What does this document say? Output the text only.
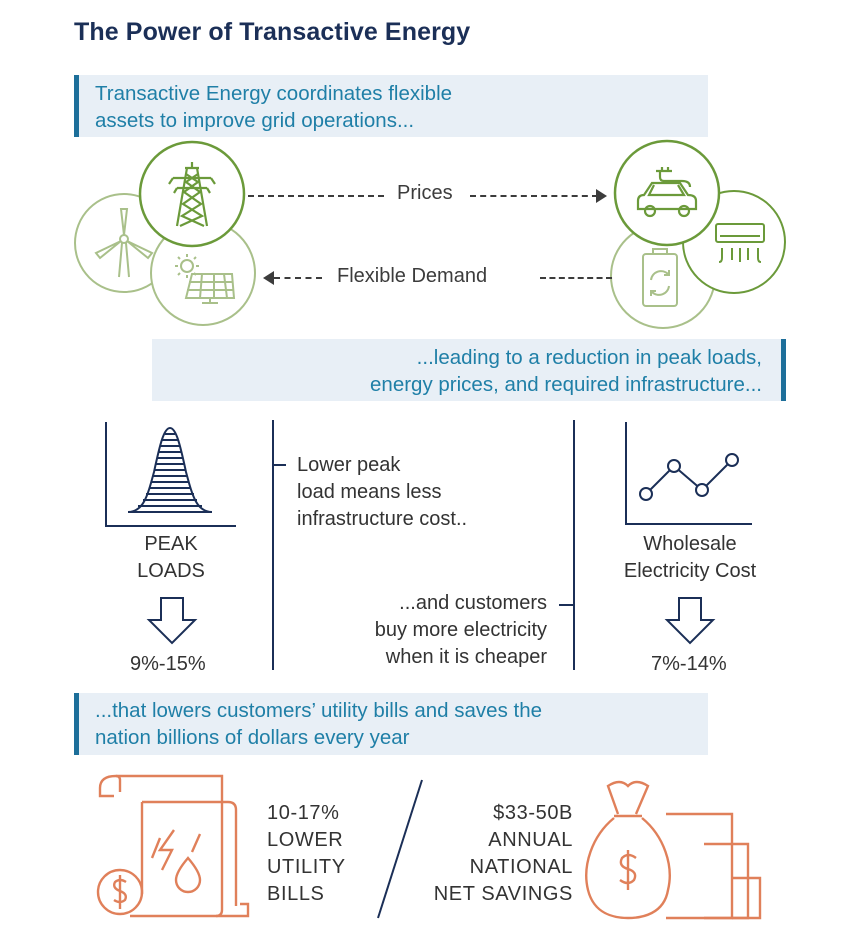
The Power of Transactive Energy
Transactive Energy coordinates flexible
assets to improve grid operations...
Prices
Flexible Demand
...leading to a reduction in peak loads,
energy prices, and required infrastructure...
PEAK
LOADS
9%-15%
Lower peak
load means less
infrastructure cost..
...and customers
buy more electricity
when it is cheaper
Wholesale
Electricity Cost
7%-14%
...that lowers customers’ utility bills and saves the
nation billions of dollars every year
10-17%
LOWER
UTILITY
BILLS
$33-50B
ANNUAL
NATIONAL
NET SAVINGS
